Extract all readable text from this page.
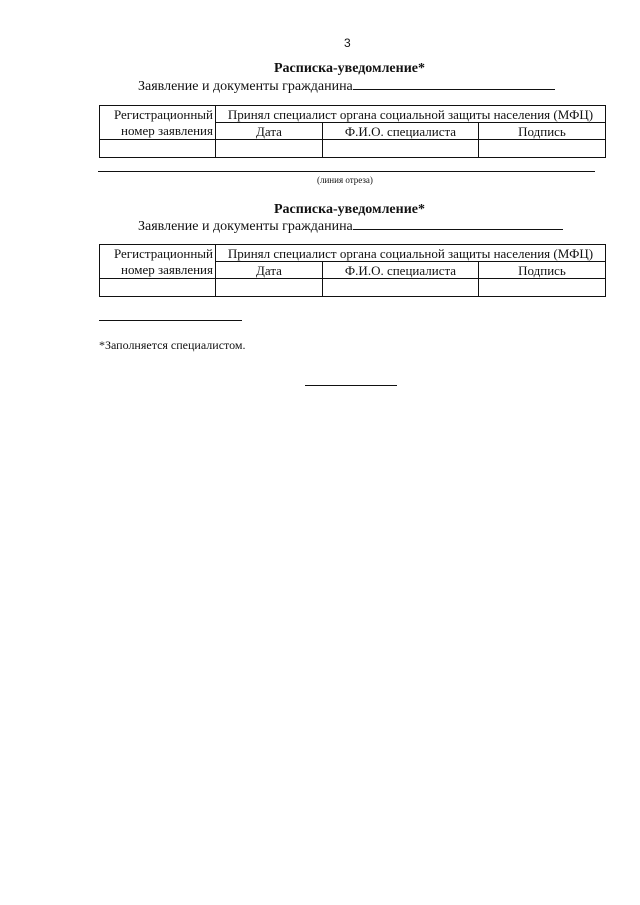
3
Расписка-уведомление*
Заявление и документы гражданина
Регистрационный	Принял специалист органа социальной защиты населения (МФЦ)		
номер заявления	Дата	Ф.И.О. специалиста	Подпись

(линия отреза)
Расписка-уведомление*
Заявление и документы гражданина
Регистрационный	Принял специалист органа социальной защиты населения (МФЦ)		
номер заявления	Дата	Ф.И.О. специалиста	Подпись

*Заполняется специалистом.
